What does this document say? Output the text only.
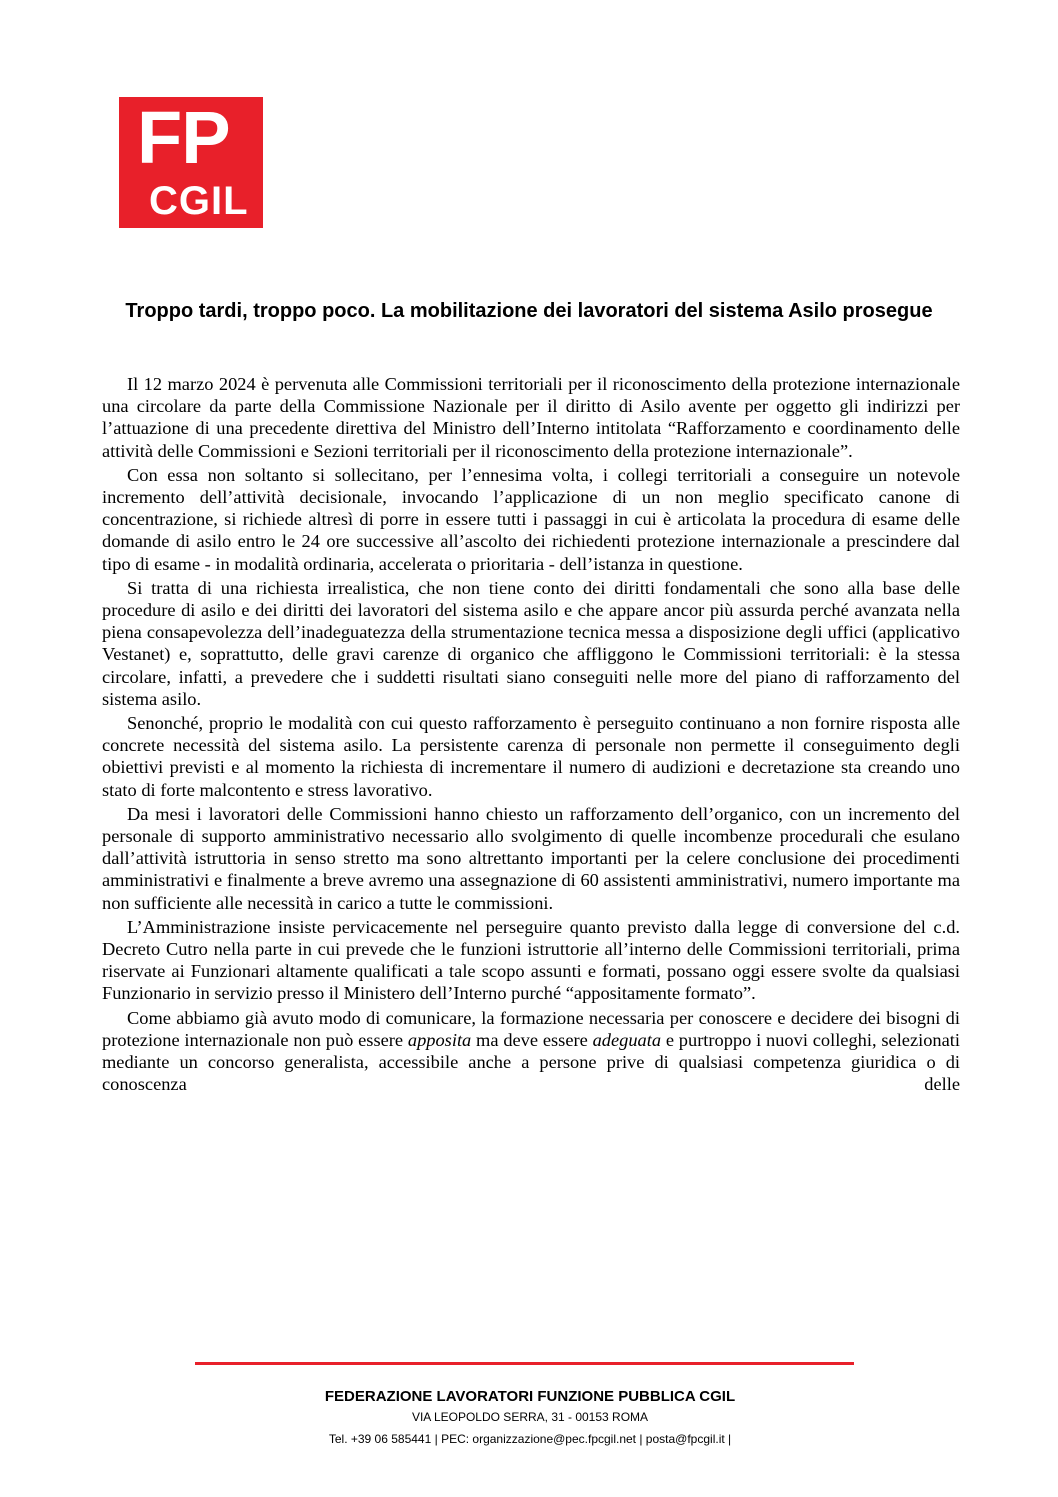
FP
CGIL
Troppo tardi, troppo poco. La mobilitazione dei lavoratori del sistema Asilo prosegue

Il 12 marzo 2024 è pervenuta alle Commissioni territoriali per il riconoscimento della protezione internazionale una circolare da parte della Commissione Nazionale per il diritto di Asilo avente per oggetto gli indirizzi per l’attuazione di una precedente direttiva del Ministro dell’Interno intitolata “Rafforzamento e coordinamento delle attività delle Commissioni e Sezioni territoriali per il riconoscimento della protezione internazionale”.

Con essa non soltanto si sollecitano, per l’ennesima volta, i collegi territoriali a conseguire un notevole incremento dell’attività decisionale, invocando l’applicazione di un non meglio specificato canone di concentrazione, si richiede altresì di porre in essere tutti i passaggi in cui è articolata la procedura di esame delle domande di asilo entro le 24 ore successive all’ascolto dei richiedenti protezione internazionale a prescindere dal tipo di esame - in modalità ordinaria, accelerata o prioritaria - dell’istanza in questione.

Si tratta di una richiesta irrealistica, che non tiene conto dei diritti fondamentali che sono alla base delle procedure di asilo e dei diritti dei lavoratori del sistema asilo e che appare ancor più assurda perché avanzata nella piena consapevolezza dell’inadeguatezza della strumentazione tecnica messa a disposizione degli uffici (applicativo Vestanet) e, soprattutto, delle gravi carenze di organico che affliggono le Commissioni territoriali: è la stessa circolare, infatti, a prevedere che i suddetti risultati siano conseguiti nelle more del piano di rafforzamento del sistema asilo.

Senonché, proprio le modalità con cui questo rafforzamento è perseguito continuano a non fornire risposta alle concrete necessità del sistema asilo. La persistente carenza di personale non permette il conseguimento degli obiettivi previsti e al momento la richiesta di incrementare il numero di audizioni e decretazione sta creando uno stato di forte malcontento e stress lavorativo.

Da mesi i lavoratori delle Commissioni hanno chiesto un rafforzamento dell’organico, con un incremento del personale di supporto amministrativo necessario allo svolgimento di quelle incombenze procedurali che esulano dall’attività istruttoria in senso stretto ma sono altrettanto importanti per la celere conclusione dei procedimenti amministrativi e finalmente a breve avremo una assegnazione di 60 assistenti amministrativi, numero importante ma non sufficiente alle necessità in carico a tutte le commissioni.

L’Amministrazione insiste pervicacemente nel perseguire quanto previsto dalla legge di conversione del c.d. Decreto Cutro nella parte in cui prevede che le funzioni istruttorie all’interno delle Commissioni territoriali, prima riservate ai Funzionari altamente qualificati a tale scopo assunti e formati, possano oggi essere svolte da qualsiasi Funzionario in servizio presso il Ministero dell’Interno purché “appositamente formato”.

Come abbiamo già avuto modo di comunicare, la formazione necessaria per conoscere e decidere dei bisogni di protezione internazionale non può essere apposita ma deve essere adeguata e purtroppo i nuovi colleghi, selezionati mediante un concorso generalista, accessibile anche a persone prive di qualsiasi competenza giuridica o di conoscenza delle

FEDERAZIONE LAVORATORI FUNZIONE PUBBLICA CGIL
VIA LEOPOLDO SERRA, 31 - 00153 ROMA
Tel. +39 06 585441 | PEC: organizzazione@pec.fpcgil.net | posta@fpcgil.it |
